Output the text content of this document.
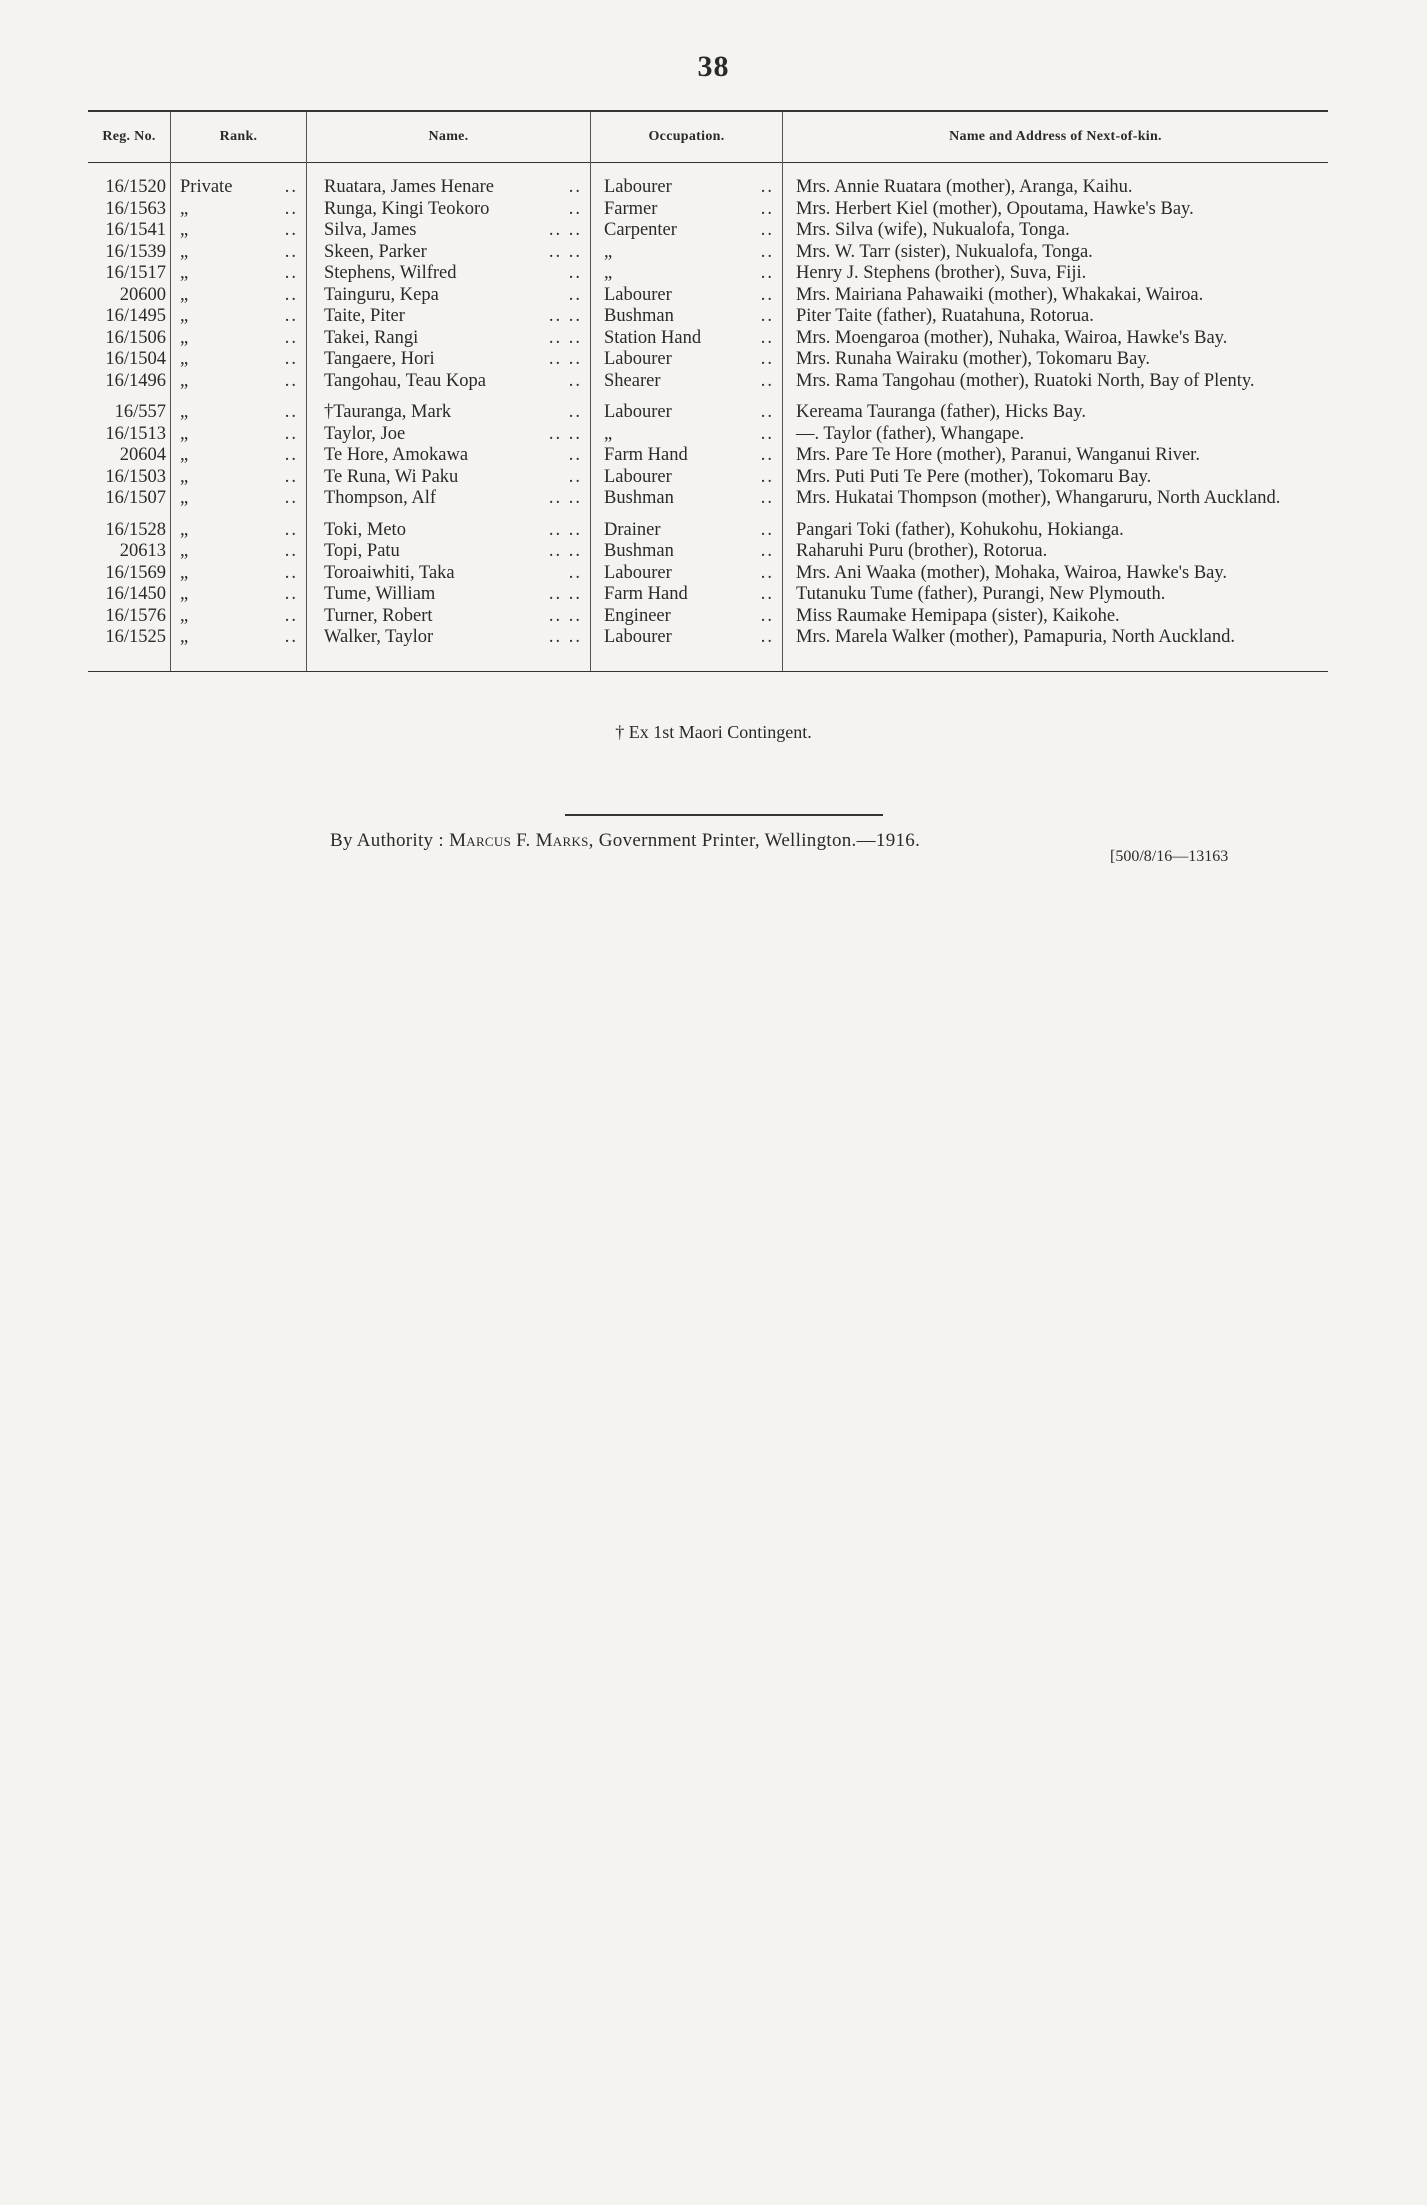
38
Reg. No.	Rank.	Name.	Occupation.	Name and Address of Next-of-kin.
16/1520 Private	..	Ruatara, James Henare	..	Labourer	..	Mrs. Annie Ruatara (mother), Aranga, Kaihu.
16/1563 „	..	Runga, Kingi Teokoro	..	Farmer	..	Mrs. Herbert Kiel (mother), Opoutama, Hawke's Bay.
16/1541 „	..	Silva, James	.. ..	Carpenter	..	Mrs. Silva (wife), Nukualofa, Tonga.
16/1539 „	..	Skeen, Parker	.. ..	„	..	Mrs. W. Tarr (sister), Nukualofa, Tonga.
16/1517 „	..	Stephens, Wilfred	..	„	..	Henry J. Stephens (brother), Suva, Fiji.
20600 „	..	Tainguru, Kepa	..	Labourer	..	Mrs. Mairiana Pahawaiki (mother), Whakakai, Wairoa.
16/1495 „	..	Taite, Piter	.. ..	Bushman	..	Piter Taite (father), Ruatahuna, Rotorua.
16/1506 „	..	Takei, Rangi	.. ..	Station Hand	..	Mrs. Moengaroa (mother), Nuhaka, Wairoa, Hawke's Bay.
16/1504 „	..	Tangaere, Hori	.. ..	Labourer	..	Mrs. Runaha Wairaku (mother), Tokomaru Bay.
16/1496 „	..	Tangohau, Teau Kopa	..	Shearer	..	Mrs. Rama Tangohau (mother), Ruatoki North, Bay of Plenty.
16/557 „	..	†Tauranga, Mark	..	Labourer	..	Kereama Tauranga (father), Hicks Bay.
16/1513 „	..	Taylor, Joe	.. ..	„	..	—. Taylor (father), Whangape.
20604 „	..	Te Hore, Amokawa	..	Farm Hand	..	Mrs. Pare Te Hore (mother), Paranui, Wanganui River.
16/1503 „	..	Te Runa, Wi Paku	..	Labourer	..	Mrs. Puti Puti Te Pere (mother), Tokomaru Bay.
16/1507 „	..	Thompson, Alf	.. ..	Bushman	..	Mrs. Hukatai Thompson (mother), Whangaruru, North Auckland.
16/1528 „	..	Toki, Meto	.. ..	Drainer	..	Pangari Toki (father), Kohukohu, Hokianga.
20613 „	..	Topi, Patu	.. ..	Bushman	..	Raharuhi Puru (brother), Rotorua.
16/1569 „	..	Toroaiwhiti, Taka	..	Labourer	..	Mrs. Ani Waaka (mother), Mohaka, Wairoa, Hawke's Bay.
16/1450 „	..	Tume, William	.. ..	Farm Hand	..	Tutanuku Tume (father), Purangi, New Plymouth.
16/1576 „	..	Turner, Robert	.. ..	Engineer	..	Miss Raumake Hemipapa (sister), Kaikohe.
16/1525 „	..	Walker, Taylor	.. ..	Labourer	..	Mrs. Marela Walker (mother), Pamapuria, North Auckland.
† Ex 1st Maori Contingent.
By Authority : Marcus F. Marks, Government Printer, Wellington.—1916.
[500/8/16—13163
